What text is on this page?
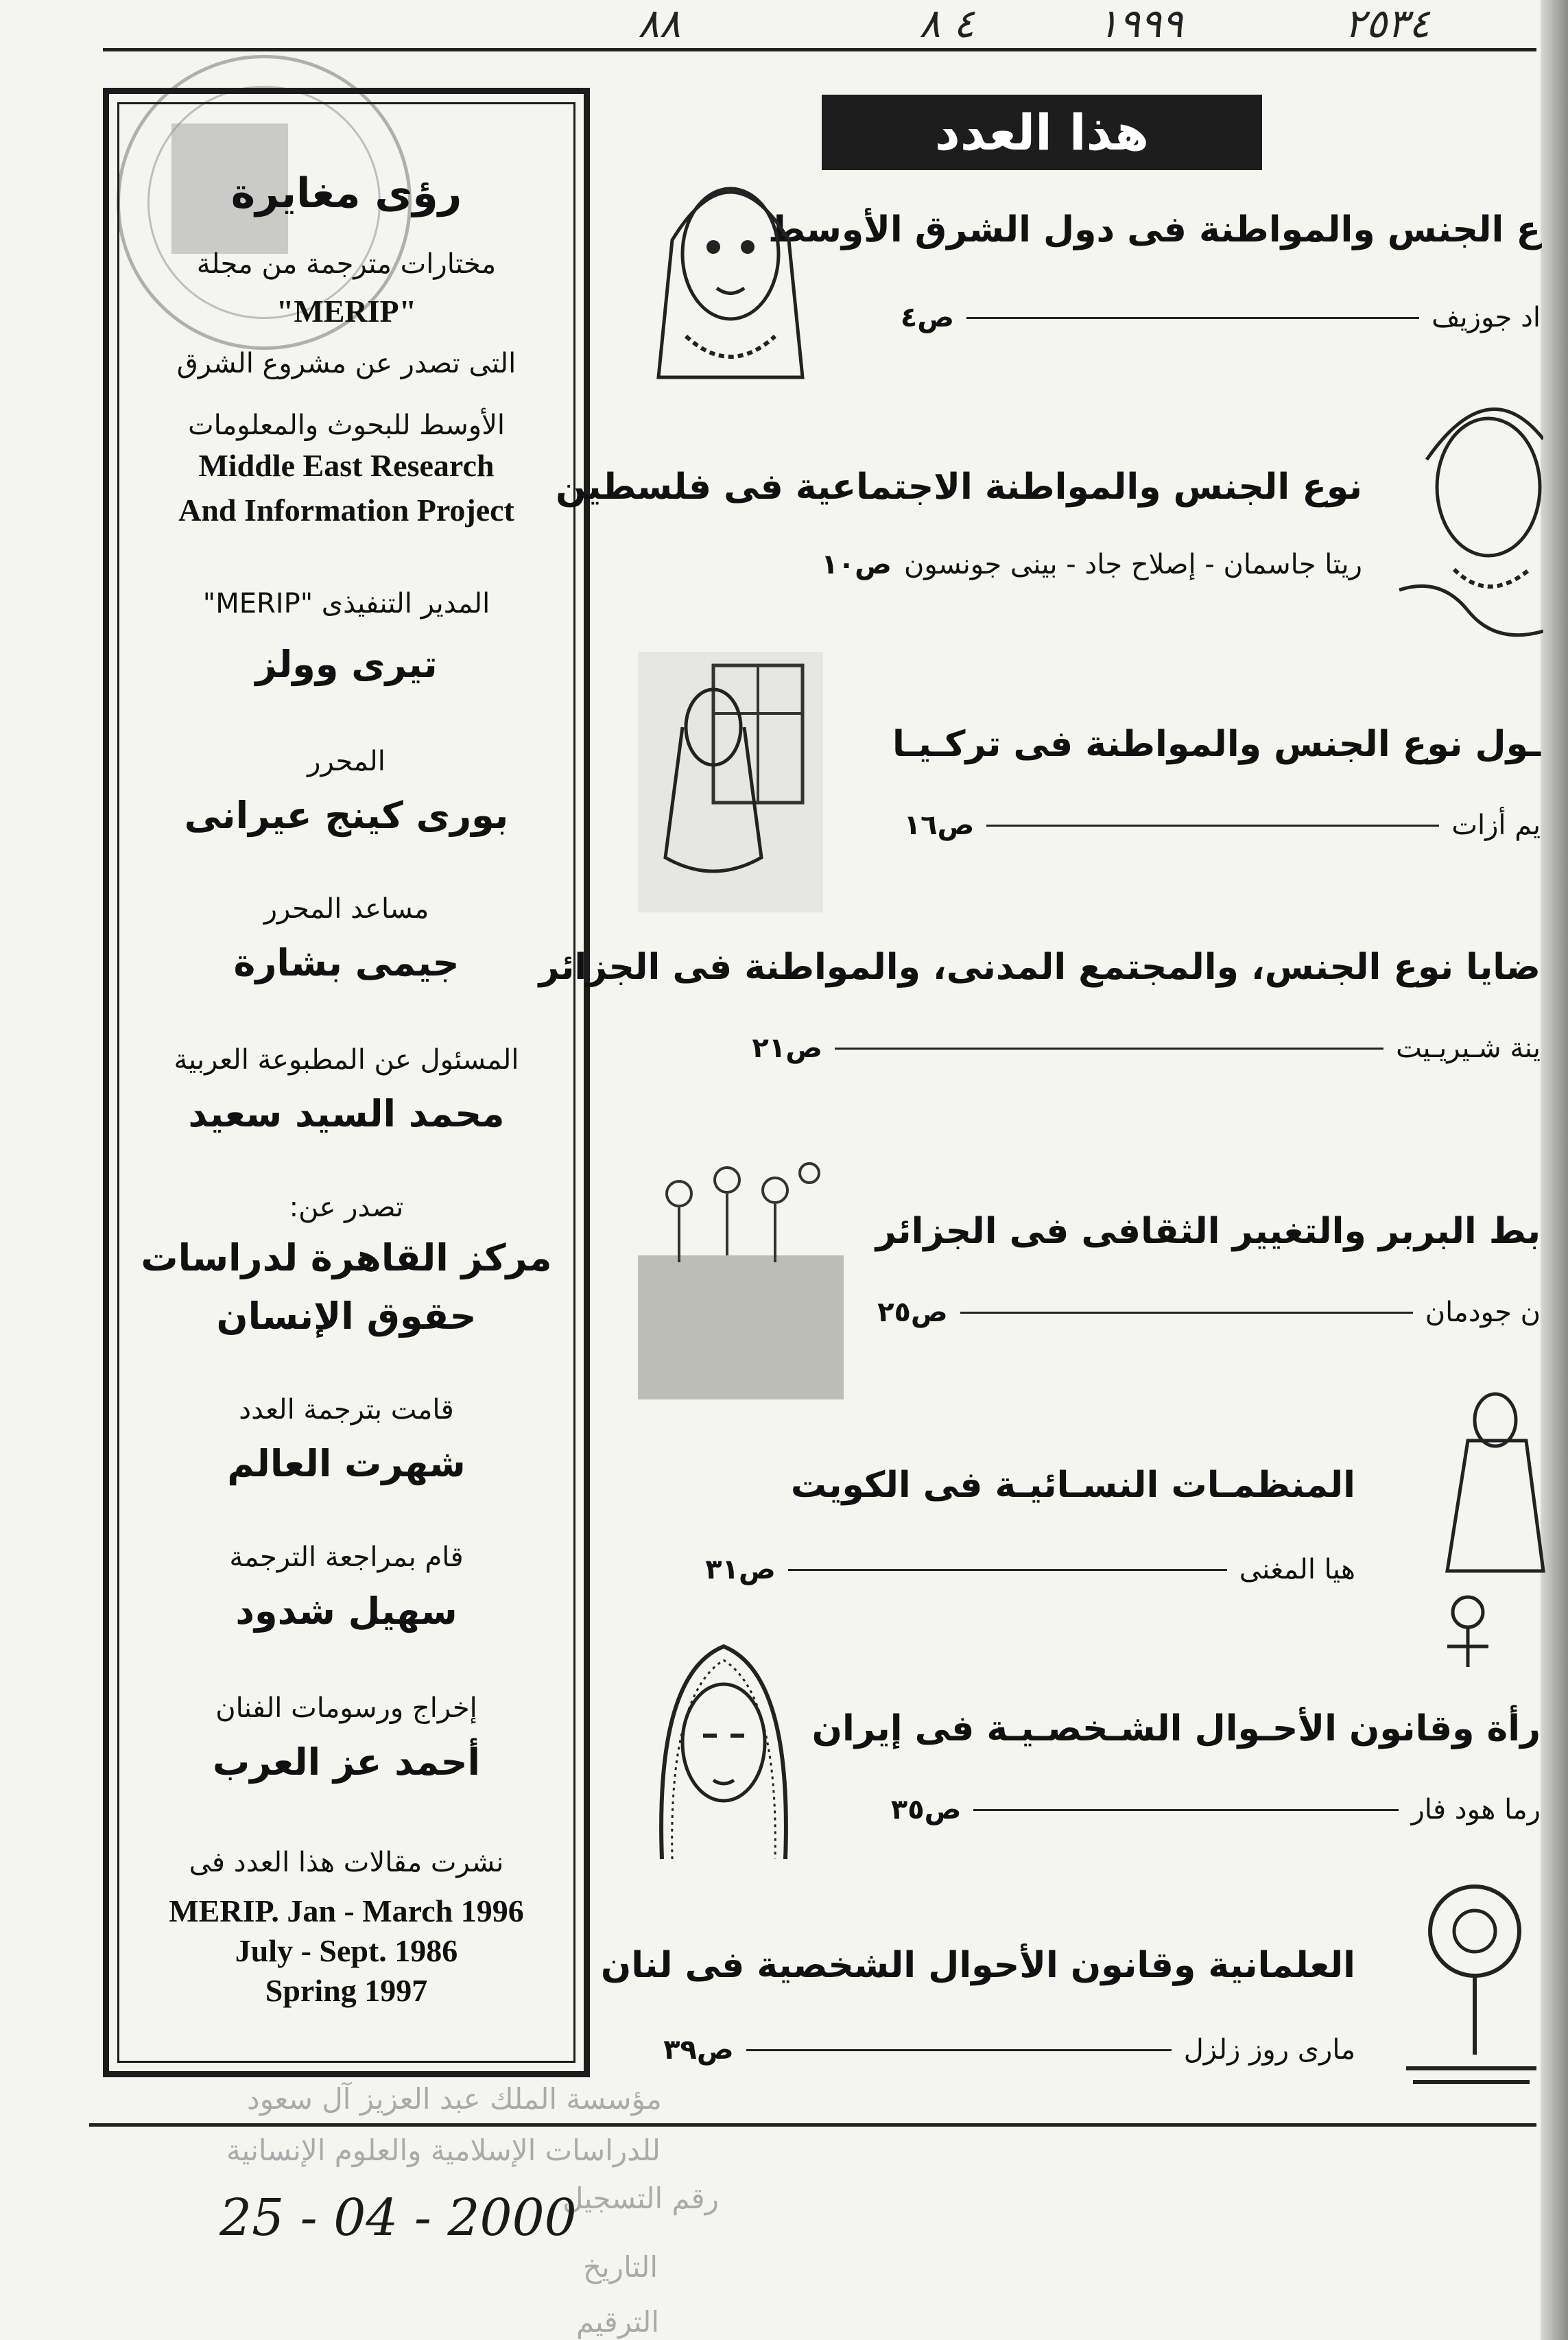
٨٨	٤ ٨	١٩٩٩	٢٥٣٤
رؤى مغايرة
مختارات مترجمة من مجلة
"MERIP"
التى تصدر عن مشروع الشرق
الأوسط للبحوث والمعلومات
Middle East Research
And Information Project
المدير التنفيذى "MERIP"
تيرى وولز
المحرر
بورى كينج عيرانى
مساعد المحرر
جيمى بشارة
المسئول عن المطبوعة العربية
محمد السيد سعيد
تصدر عن:
مركز القاهرة لدراسات
حقوق الإنسان
قامت بترجمة العدد
شهرت العالم
قام بمراجعة الترجمة
سهيل شدود
إخراج ورسومات الفنان
أحمد عز العرب
نشرت مقالات هذا العدد فى
MERIP. Jan - March 1996
July - Sept. 1986
Spring 1997
هذا العدد
ع الجنس والمواطنة فى دول الشرق الأوسط
اد جوزيف
ص٤
نوع الجنس والمواطنة الاجتماعية فى فلسطين
ريتا جاسمان - إصلاح جاد - بينى جونسون
ص١٠
ـول نوع الجنس والمواطنة فى تركـيـا
يم أزات
ص١٦
ضايا نوع الجنس، والمجتمع المدنى، والمواطنة فى الجزائر
ينة شـيريـيت
ص٢١
بط البربر والتغيير الثقافى فى الجزائر
ن جودمان
ص٢٥
المنظمـات النسـائيـة فى الكويت
هيا المغنى
ص٣١
رأة وقانون الأحـوال الشـخصـيـة فى إيران
رما هود فار
ص٣٥
العلمانية وقانون الأحوال الشخصية فى لنان
مارى روز زلزل
ص٣٩
مؤسسة الملك عبد العزيز آل سعود
للدراسات الإسلامية والعلوم الإنسانية
رقم التسجيل
التاريخ
الترقيم
25 - 04 - 2000
